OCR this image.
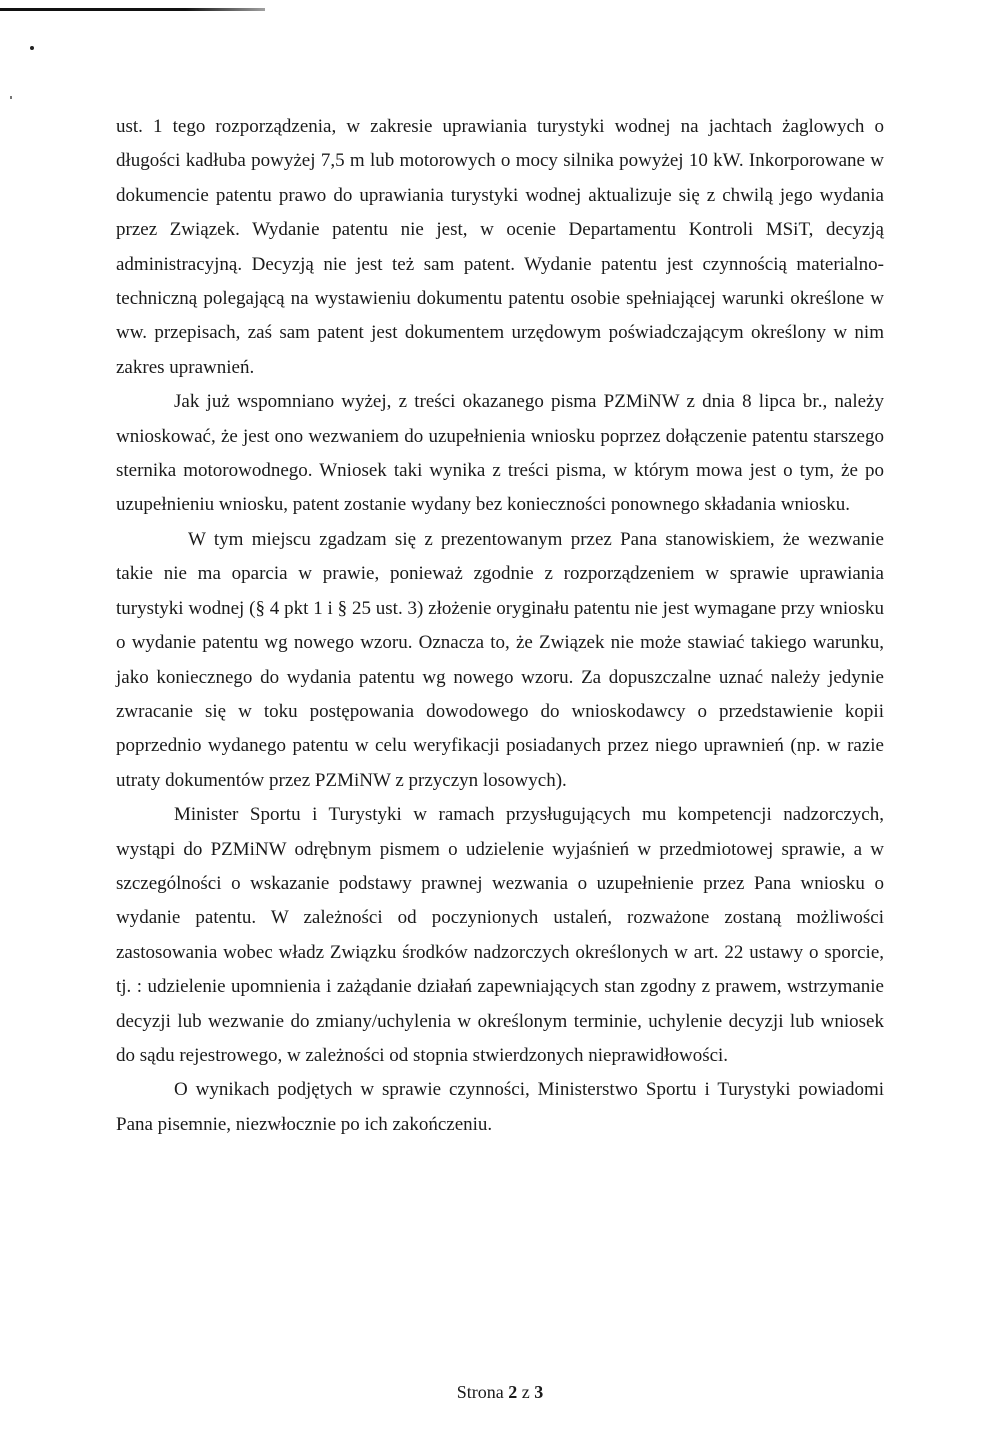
ust. 1 tego rozporządzenia, w zakresie uprawiania turystyki wodnej na jachtach żaglowych o długości kadłuba powyżej 7,5 m lub motorowych o mocy silnika powyżej 10 kW. Inkorporowane w dokumencie patentu prawo do uprawiania turystyki wodnej aktualizuje się z chwilą jego wydania przez Związek. Wydanie patentu nie jest, w ocenie Departamentu Kontroli MSiT, decyzją administracyjną. Decyzją nie jest też sam patent. Wydanie patentu jest czynnością materialno-techniczną polegającą na wystawieniu dokumentu patentu osobie spełniającej warunki określone w ww. przepisach, zaś sam patent jest dokumentem urzędowym poświadczającym określony w nim zakres uprawnień.

Jak już wspomniano wyżej, z treści okazanego pisma PZMiNW z dnia 8 lipca br., należy wnioskować, że jest ono wezwaniem do uzupełnienia wniosku poprzez dołączenie patentu starszego sternika motorowodnego. Wniosek taki wynika z treści pisma, w którym mowa jest o tym, że po uzupełnieniu wniosku, patent zostanie wydany bez konieczności ponownego składania wniosku.

W tym miejscu zgadzam się z prezentowanym przez Pana stanowiskiem, że wezwanie takie nie ma oparcia w prawie, ponieważ zgodnie z rozporządzeniem w sprawie uprawiania turystyki wodnej (§ 4 pkt 1 i § 25 ust. 3) złożenie oryginału patentu nie jest wymagane przy wniosku o wydanie patentu wg nowego wzoru. Oznacza to, że Związek nie może stawiać takiego warunku, jako koniecznego do wydania patentu wg nowego wzoru. Za dopuszczalne uznać należy jedynie zwracanie się w toku postępowania dowodowego do wnioskodawcy o przedstawienie kopii poprzednio wydanego patentu w celu weryfikacji posiadanych przez niego uprawnień (np. w razie utraty dokumentów przez PZMiNW z przyczyn losowych).

Minister Sportu i Turystyki w ramach przysługujących mu kompetencji nadzorczych, wystąpi do PZMiNW odrębnym pismem o udzielenie wyjaśnień w przedmiotowej sprawie, a w szczególności o wskazanie podstawy prawnej wezwania o uzupełnienie przez Pana wniosku o wydanie patentu. W zależności od poczynionych ustaleń, rozważone zostaną możliwości zastosowania wobec władz Związku środków nadzorczych określonych w art. 22 ustawy o sporcie, tj. : udzielenie upomnienia i zażądanie działań zapewniających stan zgodny z prawem, wstrzymanie decyzji lub wezwanie do zmiany/uchylenia w określonym terminie, uchylenie decyzji lub wniosek do sądu rejestrowego, w zależności od stopnia stwierdzonych nieprawidłowości.

O wynikach podjętych w sprawie czynności, Ministerstwo Sportu i Turystyki powiadomi Pana pisemnie, niezwłocznie po ich zakończeniu.

Strona 2 z 3
